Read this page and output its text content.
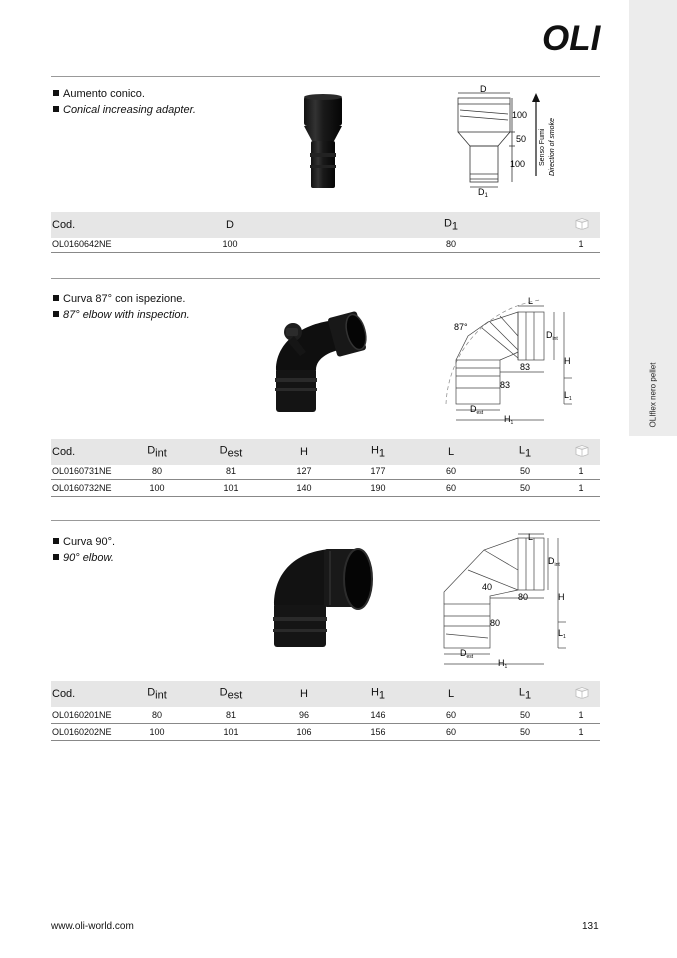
OLIflex nero pellet
OLI
Aumento conico.
Conical increasing adapter.
D
100
50
100
$D_1$
Senso Fumi Direction of smoke
Cod.	D	D1
OL0160642NE	100	80	1
Curva 87° con ispezione.
87° elbow with inspection.
87°
L
$D_{int}$
H
83
83
$L_1$
$D_{est}$
$H_1$
Cod.	Dint	Dest	H	H1	L	L1
OL0160731NE	80	81	127	177	60	50	1
OL0160732NE	100	101	140	190	60	50	1
Curva 90°.
90° elbow.
L
$D_{int}$
40
80	H
80
$L_1$
$D_{est}$
$H_1$
Cod.	Dint	Dest	H	H1	L	L1
OL0160201NE	80	81	96	146	60	50	1
OL0160202NE	100	101	106	156	60	50	1
www.oli-world.com	131
